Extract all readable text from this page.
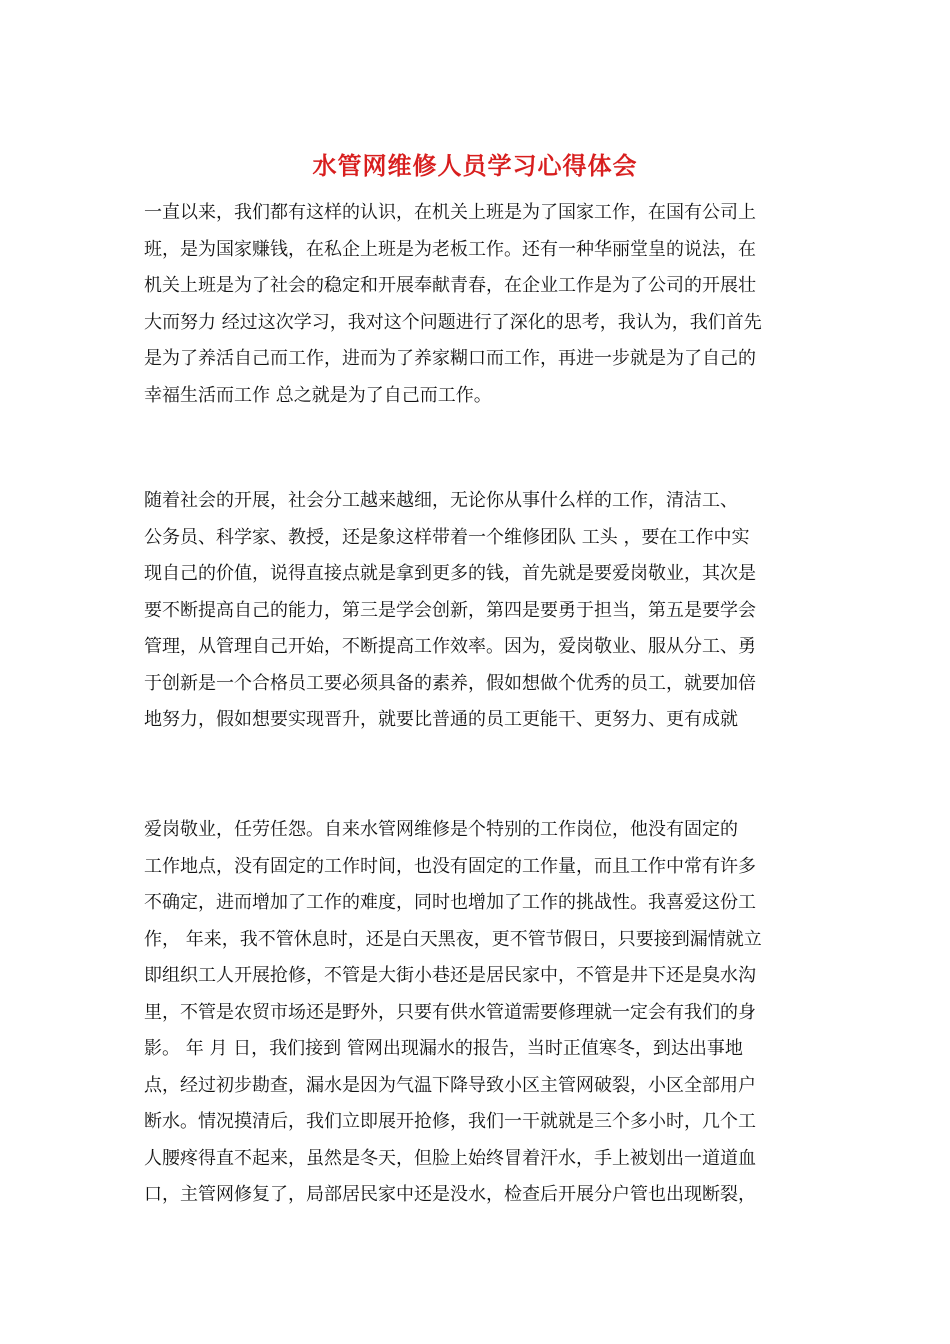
水管网维修人员学习心得体会
一直以来，我们都有这样的认识，在机关上班是为了国家工作，在国有公司上
班，是为国家赚钱，在私企上班是为老板工作。还有一种华丽堂皇的说法，在
机关上班是为了社会的稳定和开展奉献青春，在企业工作是为了公司的开展壮
大而努力 经过这次学习，我对这个问题进行了深化的思考，我认为，我们首先
是为了养活自己而工作，进而为了养家糊口而工作，再进一步就是为了自己的
幸福生活而工作 总之就是为了自己而工作。
随着社会的开展，社会分工越来越细，无论你从事什么样的工作，清洁工、
公务员、科学家、教授，还是象这样带着一个维修团队 工头 ，要在工作中实
现自己的价值，说得直接点就是拿到更多的钱，首先就是要爱岗敬业，其次是
要不断提高自己的能力，第三是学会创新，第四是要勇于担当，第五是要学会
管理，从管理自己开始，不断提高工作效率。因为，爱岗敬业、服从分工、勇
于创新是一个合格员工要必须具备的素养，假如想做个优秀的员工，就要加倍
地努力，假如想要实现晋升，就要比普通的员工更能干、更努力、更有成就
爱岗敬业，任劳任怨。自来水管网维修是个特别的工作岗位，他没有固定的
工作地点，没有固定的工作时间，也没有固定的工作量，而且工作中常有许多
不确定，进而增加了工作的难度，同时也增加了工作的挑战性。我喜爱这份工
作， 年来，我不管休息时，还是白天黑夜，更不管节假日，只要接到漏情就立
即组织工人开展抢修，不管是大街小巷还是居民家中，不管是井下还是臭水沟
里，不管是农贸市场还是野外，只要有供水管道需要修理就一定会有我们的身
影。 年 月 日，我们接到 管网出现漏水的报告，当时正值寒冬，到达出事地
点，经过初步勘查，漏水是因为气温下降导致小区主管网破裂，小区全部用户
断水。情况摸清后，我们立即展开抢修，我们一干就就是三个多小时，几个工
人腰疼得直不起来，虽然是冬天，但脸上始终冒着汗水，手上被划出一道道血
口，主管网修复了，局部居民家中还是没水，检查后开展分户管也出现断裂，
